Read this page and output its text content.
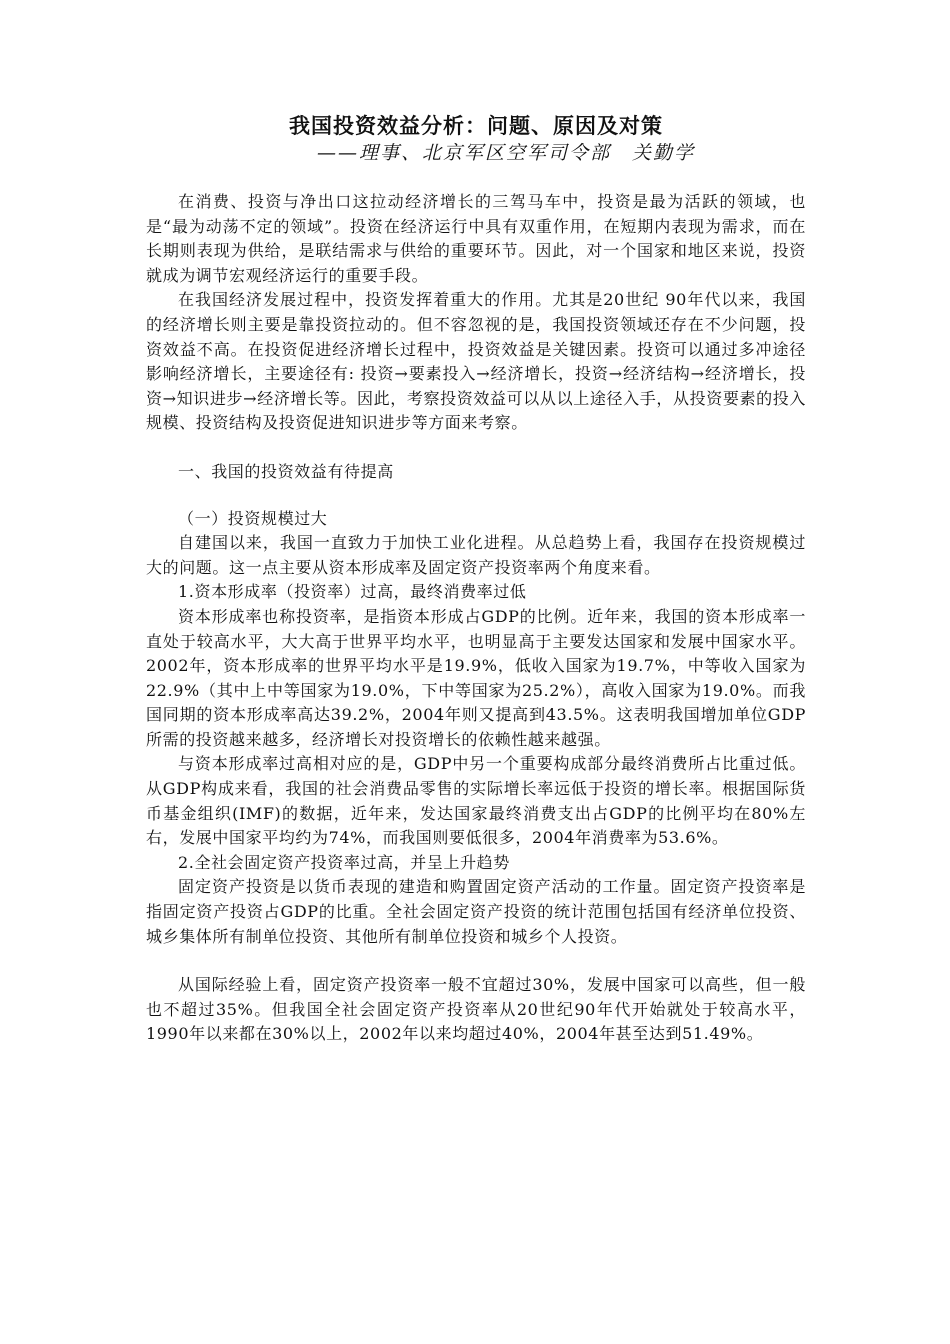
我国投资效益分析：问题、原因及对策
——理事、北京军区空军司令部　关勤学

在消费、投资与净出口这拉动经济增长的三驾马车中，投资是最为活跃的领域，也是“最为动荡不定的领域”。投资在经济运行中具有双重作用，在短期内表现为需求，而在长期则表现为供给，是联结需求与供给的重要环节。因此，对一个国家和地区来说，投资就成为调节宏观经济运行的重要手段。

在我国经济发展过程中，投资发挥着重大的作用。尤其是20世纪 90年代以来，我国的经济增长则主要是靠投资拉动的。但不容忽视的是，我国投资领域还存在不少问题，投资效益不高。在投资促进经济增长过程中，投资效益是关键因素。投资可以通过多冲途径影响经济增长，主要途径有: 投资→要素投入→经济增长，投资→经济结构→经济增长，投资→知识进步→经济增长等。因此，考察投资效益可以从以上途径入手，从投资要素的投入规模、投资结构及投资促进知识进步等方面来考察。

一、我国的投资效益有待提高

（一）投资规模过大

自建国以来，我国一直致力于加快工业化进程。从总趋势上看，我国存在投资规模过大的问题。这一点主要从资本形成率及固定资产投资率两个角度来看。

1.资本形成率（投资率）过高，最终消费率过低

资本形成率也称投资率，是指资本形成占GDP的比例。近年来，我国的资本形成率一直处于较高水平，大大高于世界平均水平，也明显高于主要发达国家和发展中国家水平。2002年，资本形成率的世界平均水平是19.9%，低收入国家为19.7%，中等收入国家为22.9%（其中上中等国家为19.0%，下中等国家为25.2%），高收入国家为19.0%。而我国同期的资本形成率高达39.2%，2004年则又提高到43.5%。这表明我国增加单位GDP所需的投资越来越多，经济增长对投资增长的依赖性越来越强。

与资本形成率过高相对应的是，GDP中另一个重要构成部分最终消费所占比重过低。从GDP构成来看，我国的社会消费品零售的实际增长率远低于投资的增长率。根据国际货币基金组织(IMF)的数据，近年来，发达国家最终消费支出占GDP的比例平均在80%左右，发展中国家平均约为74%，而我国则要低很多，2004年消费率为53.6%。

2.全社会固定资产投资率过高，并呈上升趋势

固定资产投资是以货币表现的建造和购置固定资产活动的工作量。固定资产投资率是指固定资产投资占GDP的比重。全社会固定资产投资的统计范围包括国有经济单位投资、城乡集体所有制单位投资、其他所有制单位投资和城乡个人投资。

从国际经验上看，固定资产投资率一般不宜超过30%，发展中国家可以高些，但一般也不超过35%。但我国全社会固定资产投资率从20世纪90年代开始就处于较高水平，1990年以来都在30%以上，2002年以来均超过40%，2004年甚至达到51.49%。
